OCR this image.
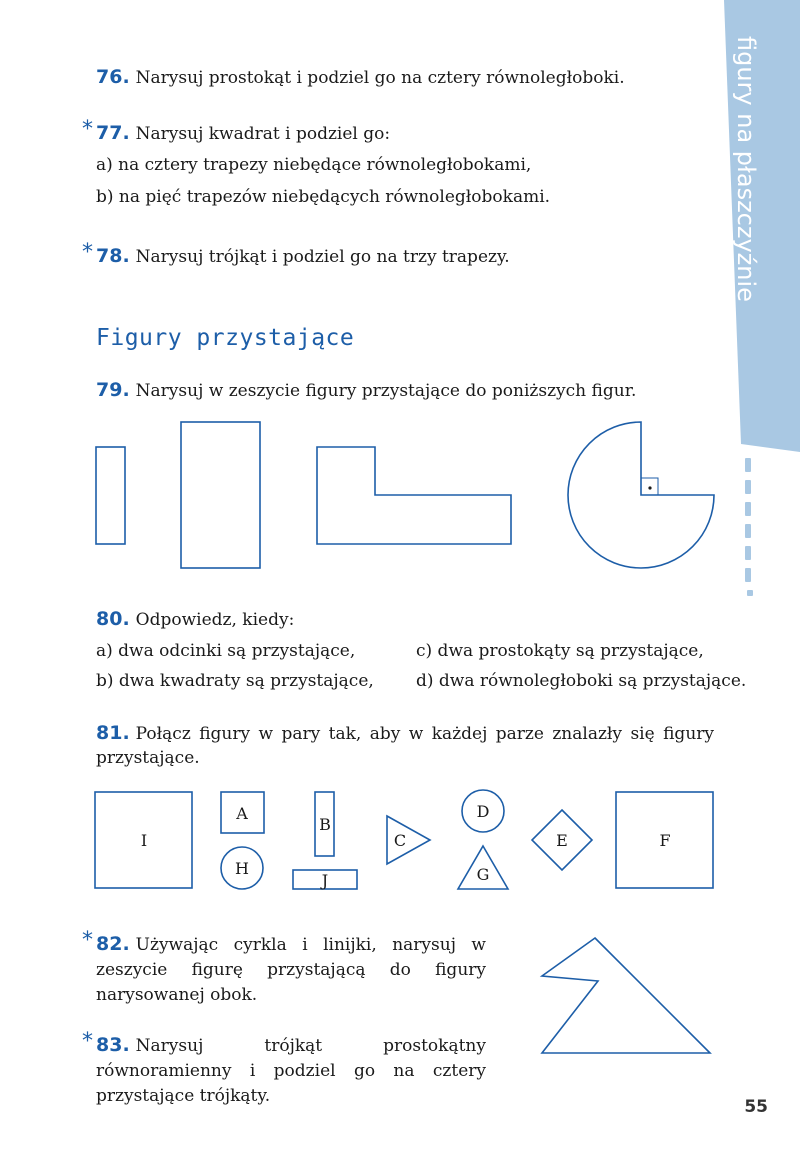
figury na płaszczyźnie
I
A
H
B
J
C
D
G
E	F
76. Narysuj prostokąt i podziel go na cztery równoległoboki.
* 77. Narysuj kwadrat i podziel go:
a) na cztery trapezy niebędące równoległobokami,
b) na pięć trapezów niebędących równoległobokami.
* 78. Narysuj trójkąt i podziel go na trzy trapezy.
Figury przystające
79. Narysuj w zeszycie figury przystające do poniższych figur.
80. Odpowiedz, kiedy:
a) dwa odcinki są przystające,
b) dwa kwadraty są przystające,
c) dwa prostokąty są przystające,
d) dwa równoległoboki są przystające.
81. Połącz figury w pary tak, aby w każdej parze znalazły się figury przystające.
* 82. Używając cyrkla i linijki, narysuj w zeszycie figurę przystającą do figury narysowanej obok.
* 83. Narysuj trójkąt prostokątny równoramienny i podziel go na cztery przystające trójkąty.
55
